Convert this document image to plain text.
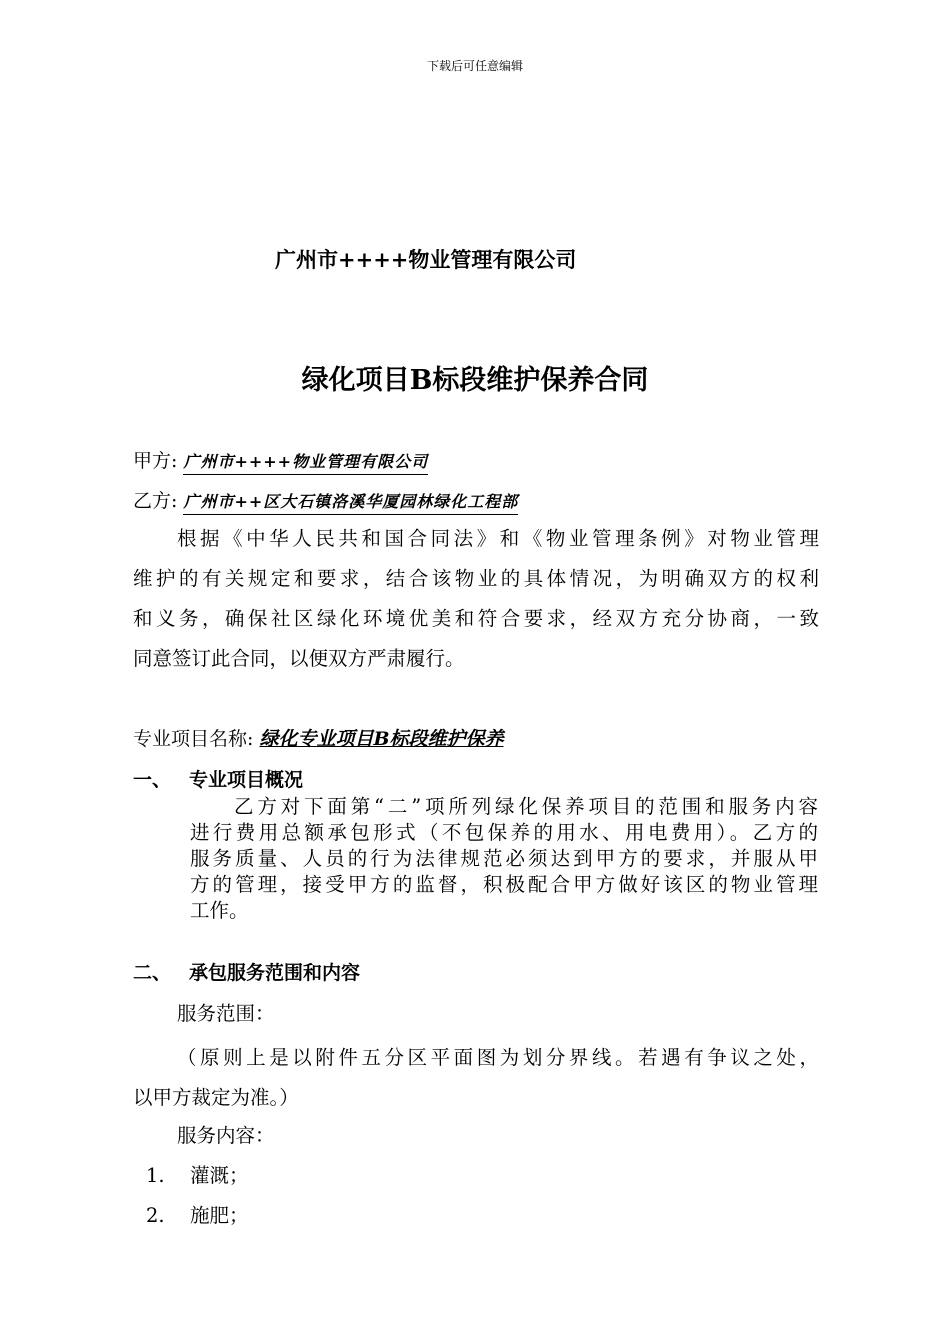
下载后可任意编辑
广州市++++物业管理有限公司
绿化项目B标段维护保养合同
甲方: 广州市++++物业管理有限公司
乙方: 广州市++区大石镇洛溪华厦园林绿化工程部
根据《中华人民共和国合同法》和《物业管理条例》对物业管理
维护的有关规定和要求，结合该物业的具体情况，为明确双方的权利
和义务，确保社区绿化环境优美和符合要求，经双方充分协商，一致
同意签订此合同，以便双方严肃履行。
专业项目名称: 绿化专业项目B标段维护保养
一、 专业项目概况
乙方对下面第“二”项所列绿化保养项目的范围和服务内容
进行费用总额承包形式（不包保养的用水、用电费用）。乙方的
服务质量、人员的行为法律规范必须达到甲方的要求，并服从甲
方的管理，接受甲方的监督，积极配合甲方做好该区的物业管理
工作。
二、 承包服务范围和内容
服务范围：
（原则上是以附件五分区平面图为划分界线。若遇有争议之处，
以甲方裁定为准。）
服务内容：
1. 灌溉；
2. 施肥；
